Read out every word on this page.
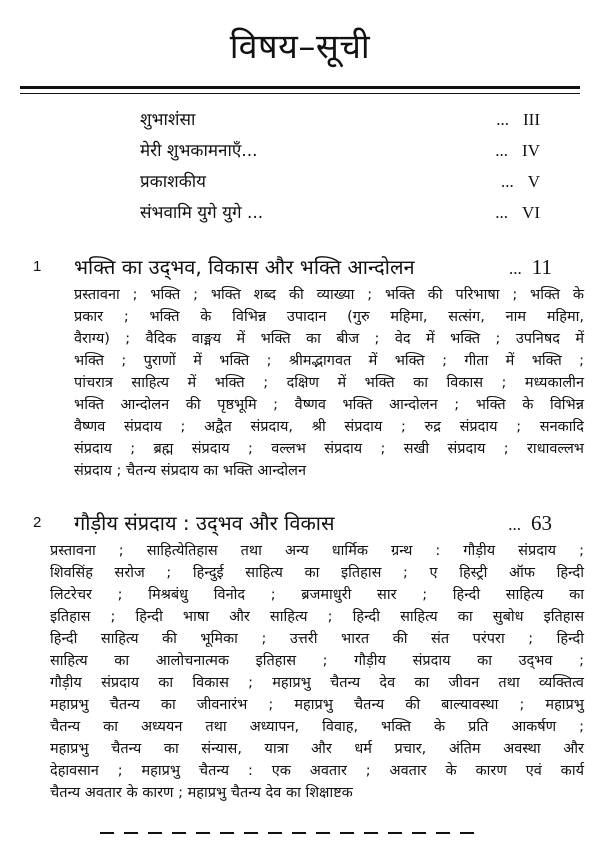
विषय–सूची
शुभाशंसा	... III
मेरी शुभकामनाएँ...	... IV
प्रकाशकीय	... V
संभवामि युगे युगे ...	... VI
1 भक्ति का उद्‌भव, विकास और भक्ति आन्दोलन	... 11
प्रस्तावना ; भक्ति ; भक्ति शब्द की व्याख्या ; भक्ति की परिभाषा ; भक्ति के
प्रकार ; भक्ति के विभिन्न उपादान (गुरु महिमा, सत्संग, नाम महिमा,
वैराग्य) ; वैदिक वाङ्मय में भक्ति का बीज ; वेद में भक्ति ; उपनिषद में
भक्ति ; पुराणों में भक्ति ; श्रीमद्भागवत में भक्ति ; गीता में भक्ति ;
पांचरात्र साहित्य में भक्ति ; दक्षिण में भक्ति का विकास ; मध्यकालीन
भक्ति आन्दोलन की पृष्ठभूमि ; वैष्णव भक्ति आन्दोलन ; भक्ति के विभिन्न
वैष्णव संप्रदाय ; अद्वैत संप्रदाय, श्री संप्रदाय ; रुद्र संप्रदाय ; सनकादि
संप्रदाय ; ब्रह्म संप्रदाय ; वल्लभ संप्रदाय ; सखी संप्रदाय ; राधावल्लभ
संप्रदाय ; चैतन्य संप्रदाय का भक्ति आन्दोलन
2 गौड़ीय संप्रदाय : उद्‌भव और विकास	... 63
प्रस्तावना ; साहित्येतिहास तथा अन्य धार्मिक ग्रन्थ : गौड़ीय संप्रदाय ;
शिवसिंह सरोज ; हिन्दुई साहित्य का इतिहास ; ए हिस्ट्री ऑफ हिन्दी
लिटरेचर ; मिश्रबंधु विनोद ; ब्रजमाधुरी सार ; हिन्दी साहित्य का
इतिहास ; हिन्दी भाषा और साहित्य ; हिन्दी साहित्य का सुबोध इतिहास
हिन्दी साहित्य की भूमिका ; उत्तरी भारत की संत परंपरा ; हिन्दी
साहित्य का आलोचनात्मक इतिहास ; गौड़ीय संप्रदाय का उद्‌भव ;
गौड़ीय संप्रदाय का विकास ; महाप्रभु चैतन्य देव का जीवन तथा व्यक्तित्व
महाप्रभु चैतन्य का जीवनारंभ ; महाप्रभु चैतन्य की बाल्यावस्था ; महाप्रभु
चैतन्य का अध्ययन तथा अध्यापन, विवाह, भक्ति के प्रति आकर्षण ;
महाप्रभु चैतन्य का संन्यास, यात्रा और धर्म प्रचार, अंतिम अवस्था और
देहावसान ; महाप्रभु चैतन्य : एक अवतार ; अवतार के कारण एवं कार्य
चैतन्य अवतार के कारण ; महाप्रभु चैतन्य देव का शिक्षाष्टक
